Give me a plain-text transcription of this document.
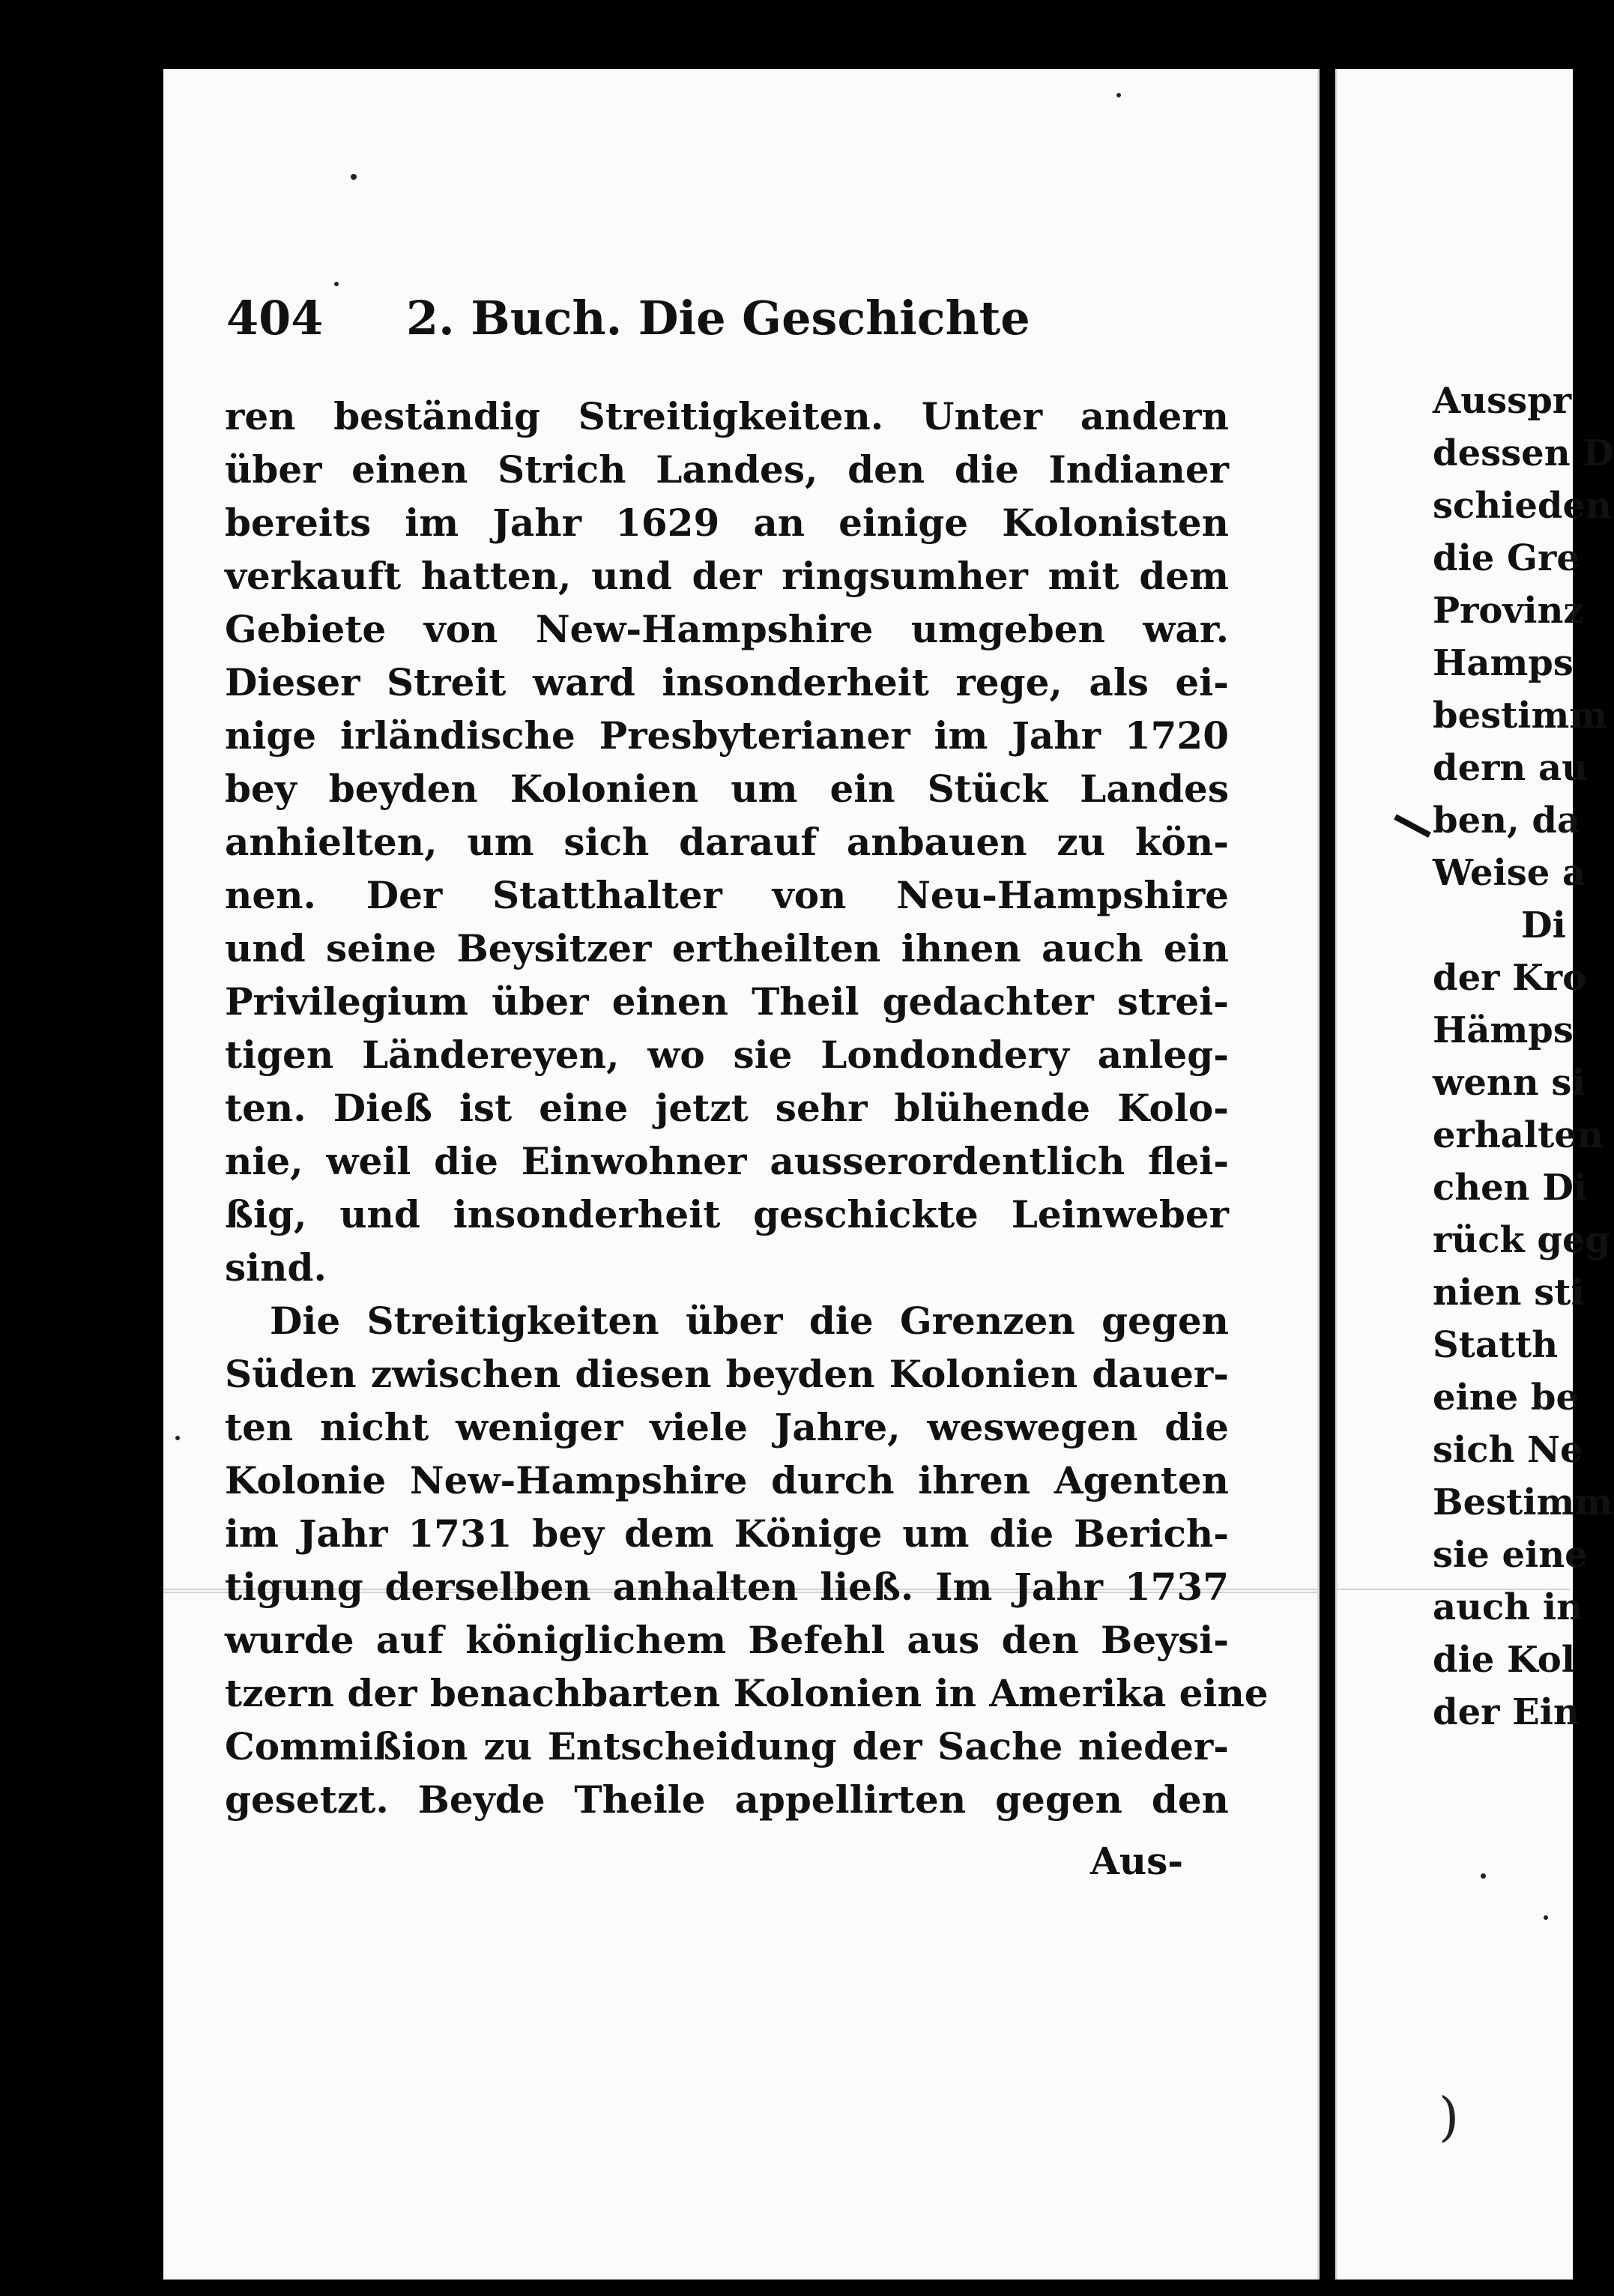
404 2. Buch. Die Geschichte
ren beständig Streitigkeiten. Unter andern
über einen Strich Landes, den die Indianer
bereits im Jahr 1629 an einige Kolonisten
verkauft hatten, und der ringsumher mit dem
Gebiete von New-Hampshire umgeben war.
Dieser Streit ward insonderheit rege, als ei-
nige irländische Presbyterianer im Jahr 1720
bey beyden Kolonien um ein Stück Landes
anhielten, um sich darauf anbauen zu kön-
nen. Der Statthalter von Neu-Hampshire
und seine Beysitzer ertheilten ihnen auch ein
Privilegium über einen Theil gedachter strei-
tigen Ländereyen, wo sie Londondery anleg-
ten. Dieß ist eine jetzt sehr blühende Kolo-
nie, weil die Einwohner ausserordentlich flei-
ßig, und insonderheit geschickte Leinweber
sind.
Die Streitigkeiten über die Grenzen gegen
Süden zwischen diesen beyden Kolonien dauer-
ten nicht weniger viele Jahre, weswegen die
Kolonie New-Hampshire durch ihren Agenten
im Jahr 1731 bey dem Könige um die Berich-
tigung derselben anhalten ließ. Im Jahr 1737
wurde auf königlichem Befehl aus den Beysi-
tzern der benachbarten Kolonien in Amerika eine
Commißion zu Entscheidung der Sache nieder-
gesetzt. Beyde Theile appellirten gegen den
Aus-
Ausspr
dessen D
schieden
die Gre
Provinz
Hamps
bestimm
dern au
ben, da
Weise a
Di
der Kro
Hämps
wenn si
erhalten
chen Di
rück geg
nien sti
Statth
eine be
sich Ne
Bestimm
sie eine
auch in
die Kol
der Ein
)
